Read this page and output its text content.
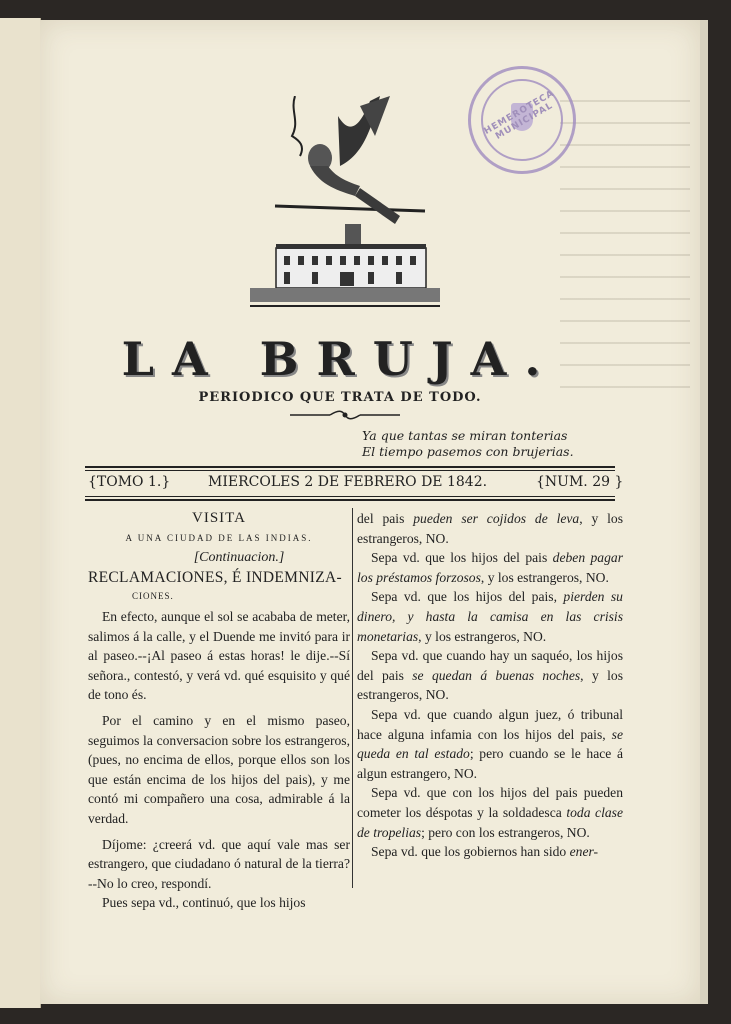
HEMEROTECA MUNICIPAL
LA BRUJA.
PERIODICO QUE TRATA DE TODO.
Ya que tantas se miran tonterias
El tiempo pasemos con brujerias.
{TOMO 1.}	MIERCOLES 2 DE FEBRERO DE 1842.	{NUM. 29 }

VISITA

A UNA CIUDAD DE LAS INDIAS.

[Continuacion.]

RECLAMACIONES, É INDEMNIZA-

CIONES.

En efecto, aunque el sol se acababa de meter, salimos á la calle, y el Duende me invitó para ir al paseo.--¡Al paseo á estas horas! le dije.--Sí señora., contestó, y verá vd. qué esquisito y qué de tono és.

Por el camino y en el mismo paseo, seguimos la conversacion sobre los estrangeros, (pues, no encima de ellos, porque ellos son los que están encima de los hijos del pais), y me contó mi compañero una cosa, admirable á la verdad.

Díjome: ¿creerá vd. que aquí vale mas ser estrangero, que ciudadano ó natural de la tierra?--No lo creo, respondí.

Pues sepa vd., continuó, que los hijos

del pais pueden ser cojidos de leva, y los estrangeros, NO.

Sepa vd. que los hijos del pais deben pagar los préstamos forzosos, y los estrangeros, NO.

Sepa vd. que los hijos del pais, pierden su dinero, y hasta la camisa en las crisis monetarias, y los estrangeros, NO.

Sepa vd. que cuando hay un saquéo, los hijos del pais se quedan á buenas noches, y los estrangeros, NO.

Sepa vd. que cuando algun juez, ó tribunal hace alguna infamia con los hijos del pais, se queda en tal estado; pero cuando se le hace á algun estrangero, NO.

Sepa vd. que con los hijos del pais pueden cometer los déspotas y la soldadesca toda clase de tropelias; pero con los estrangeros, NO.

Sepa vd. que los gobiernos han sido ener-
